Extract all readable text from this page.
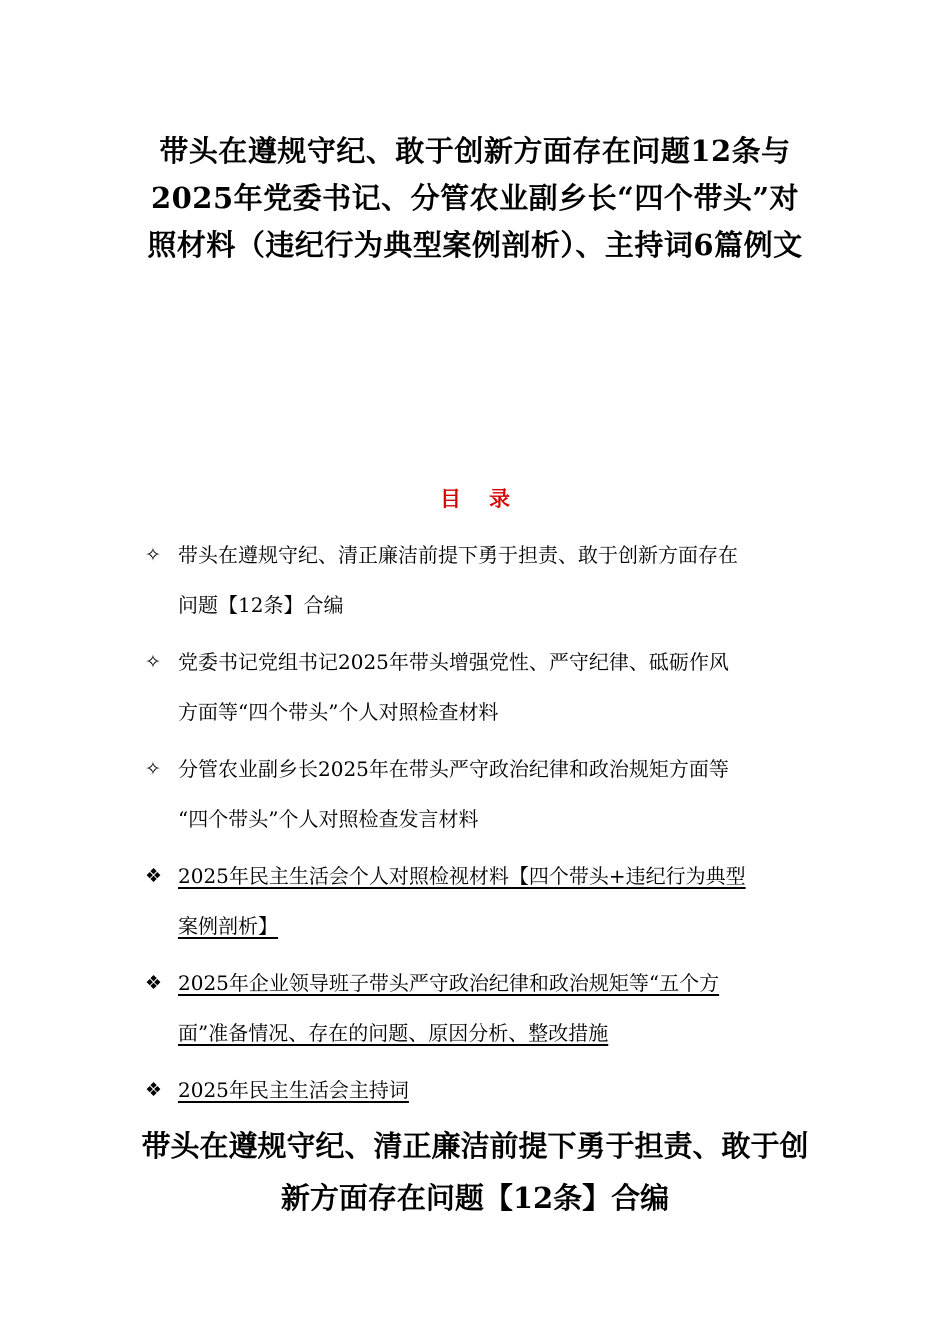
带头在遵规守纪、敢于创新方面存在问题12条与
2025年党委书记、分管农业副乡长“四个带头”对
照材料（违纪行为典型案例剖析）、主持词6篇例文
目 录
✧ 带头在遵规守纪、清正廉洁前提下勇于担责、敢于创新方面存在
问题【12条】合编
✧ 党委书记党组书记2025年带头增强党性、严守纪律、砥砺作风
方面等“四个带头”个人对照检查材料
✧ 分管农业副乡长2025年在带头严守政治纪律和政治规矩方面等
“四个带头”个人对照检查发言材料
❖ 2025年民主生活会个人对照检视材料【四个带头+违纪行为典型
案例剖析】
❖ 2025年企业领导班子带头严守政治纪律和政治规矩等“五个方
面”准备情况、存在的问题、原因分析、整改措施
❖ 2025年民主生活会主持词
带头在遵规守纪、清正廉洁前提下勇于担责、敢于创
新方面存在问题【12条】合编
